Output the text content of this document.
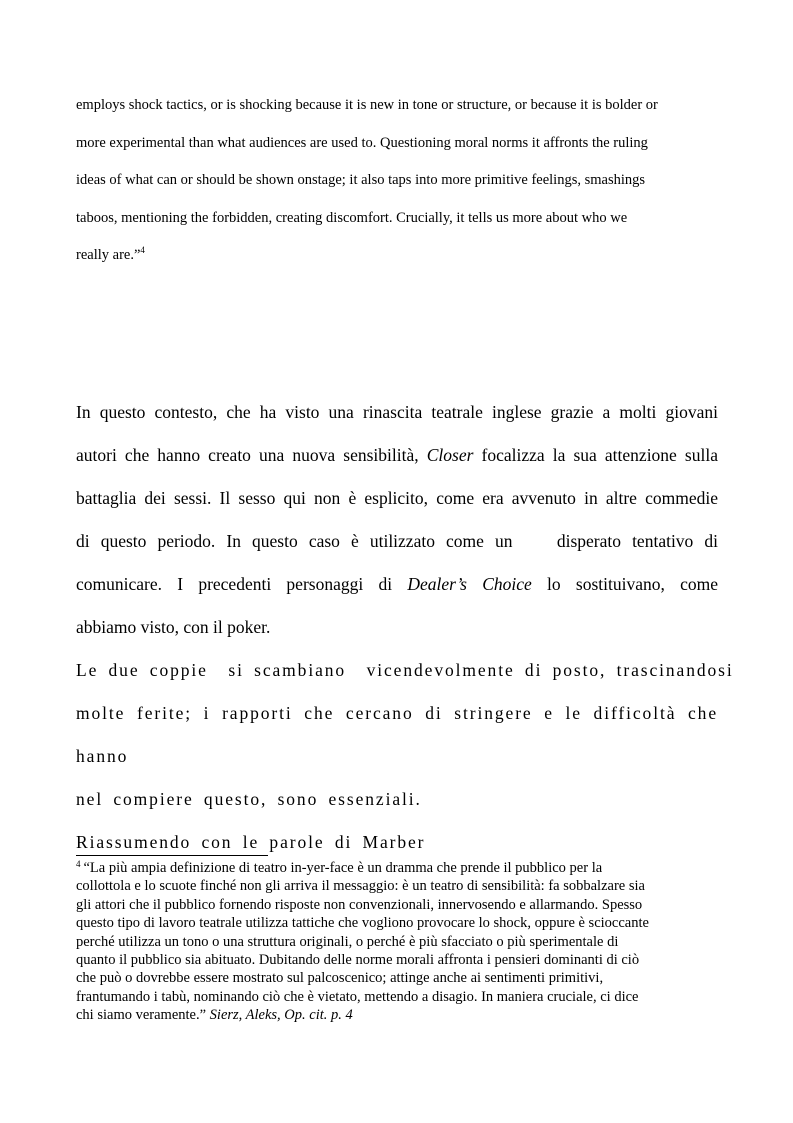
employs shock tactics, or is shocking because it is new in tone or structure, or because it is bolder or

more experimental than what audiences are used to. Questioning moral norms it affronts the ruling

ideas of what can or should be shown onstage; it also taps into more primitive feelings, smashings

taboos, mentioning the forbidden, creating discomfort. Crucially, it tells us more about who we

really are.”$^4$

In questo contesto, che ha visto una rinascita teatrale inglese grazie a molti giovani

autori che hanno creato una nuova sensibilità, Closer focalizza la sua attenzione sulla

battaglia dei sessi. Il sesso qui non è esplicito, come era avvenuto in altre commedie

di questo periodo. In questo caso è utilizzato come un    disperato tentativo di

comunicare. I precedenti personaggi di Dealer’s Choice lo sostituivano, come

abbiamo visto, con il poker.

Le due coppie  si scambiano  vicendevolmente di posto, trascinandosi

molte ferite; i rapporti che cercano di stringere e le difficoltà che hanno

nel compiere questo, sono essenziali.

Riassumendo con le parole di Marber

$^4$ “La più ampia definizione di teatro in-yer-face è un dramma che prende il pubblico per la
collottola e lo scuote finché non gli arriva il messaggio: è un teatro di sensibilità: fa sobbalzare sia
gli attori che il pubblico fornendo risposte non convenzionali, innervosendo e allarmando. Spesso
questo tipo di lavoro teatrale utilizza tattiche che vogliono provocare lo shock, oppure è scioccante
perché utilizza un tono o una struttura originali, o perché è più sfacciato o più sperimentale di
quanto il pubblico sia abituato. Dubitando delle norme morali affronta i pensieri dominanti di ciò
che può o dovrebbe essere mostrato sul palcoscenico; attinge anche ai sentimenti primitivi,
frantumando i tabù, nominando ciò che è vietato, mettendo a disagio. In maniera cruciale, ci dice
chi siamo veramente.” Sierz, Aleks, Op. cit. p. 4
